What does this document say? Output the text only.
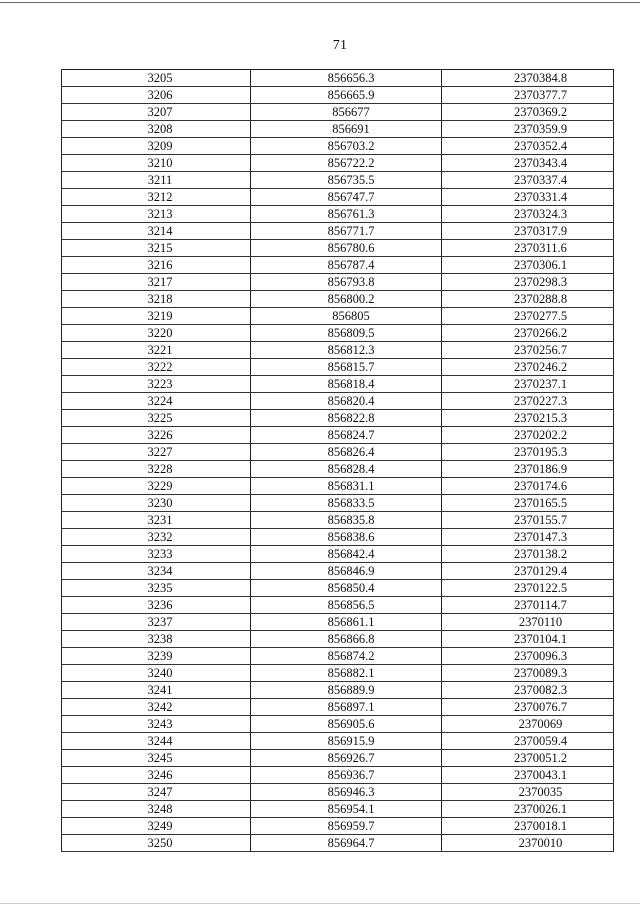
71
3205	856656.3	2370384.8
3206	856665.9	2370377.7
3207	856677	2370369.2
3208	856691	2370359.9
3209	856703.2	2370352.4
3210	856722.2	2370343.4
3211	856735.5	2370337.4
3212	856747.7	2370331.4
3213	856761.3	2370324.3
3214	856771.7	2370317.9
3215	856780.6	2370311.6
3216	856787.4	2370306.1
3217	856793.8	2370298.3
3218	856800.2	2370288.8
3219	856805	2370277.5
3220	856809.5	2370266.2
3221	856812.3	2370256.7
3222	856815.7	2370246.2
3223	856818.4	2370237.1
3224	856820.4	2370227.3
3225	856822.8	2370215.3
3226	856824.7	2370202.2
3227	856826.4	2370195.3
3228	856828.4	2370186.9
3229	856831.1	2370174.6
3230	856833.5	2370165.5
3231	856835.8	2370155.7
3232	856838.6	2370147.3
3233	856842.4	2370138.2
3234	856846.9	2370129.4
3235	856850.4	2370122.5
3236	856856.5	2370114.7
3237	856861.1	2370110
3238	856866.8	2370104.1
3239	856874.2	2370096.3
3240	856882.1	2370089.3
3241	856889.9	2370082.3
3242	856897.1	2370076.7
3243	856905.6	2370069
3244	856915.9	2370059.4
3245	856926.7	2370051.2
3246	856936.7	2370043.1
3247	856946.3	2370035
3248	856954.1	2370026.1
3249	856959.7	2370018.1
3250	856964.7	2370010
